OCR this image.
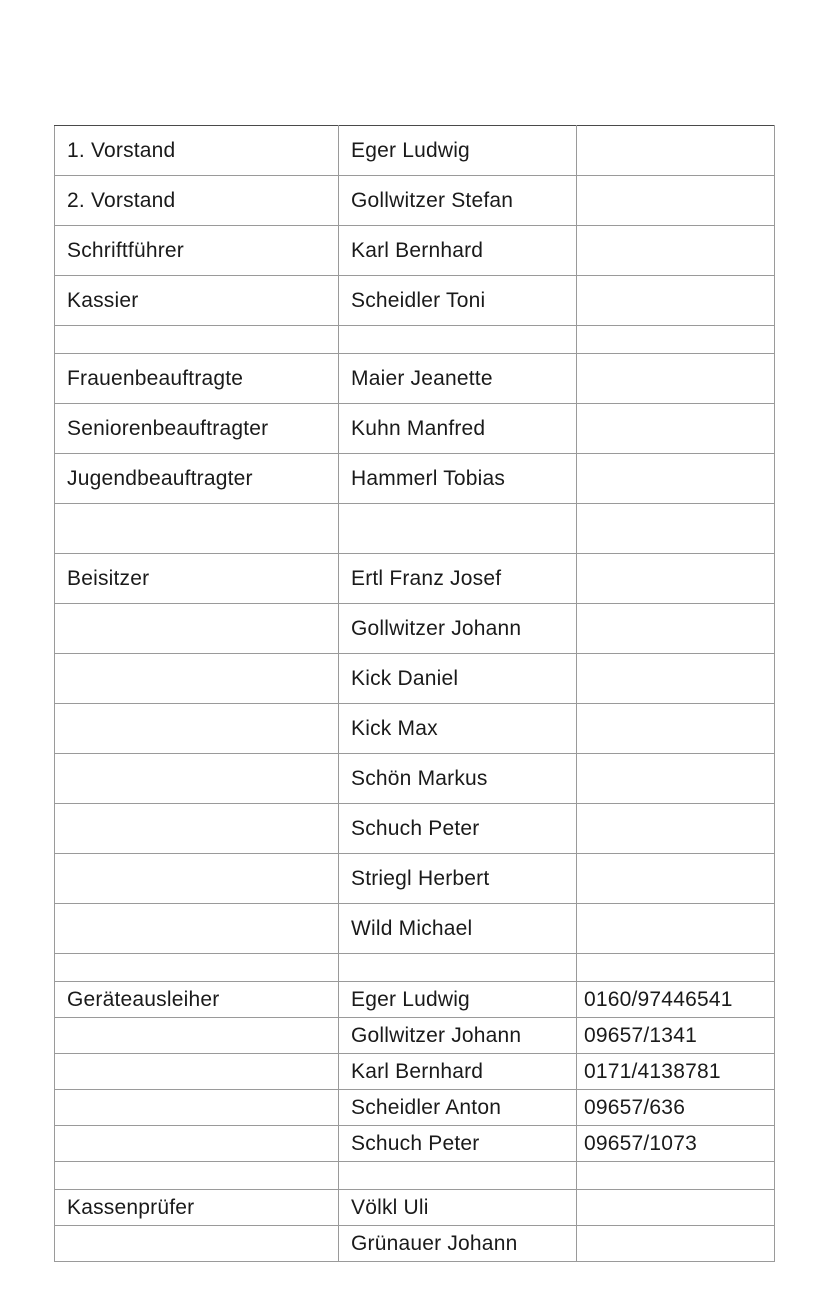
1. Vorstand	Eger Ludwig	
2. Vorstand	Gollwitzer Stefan	
Schriftführer	Karl Bernhard	
Kassier	Scheidler Toni	

Frauenbeauftragte	Maier Jeanette	
Seniorenbeauftragter	Kuhn Manfred	
Jugendbeauftragter	Hammerl Tobias	

Beisitzer	Ertl Franz Josef	
	Gollwitzer Johann	
	Kick Daniel	
	Kick Max	
	Schön Markus	
	Schuch Peter	
	Striegl Herbert	
	Wild Michael	

Geräteausleiher	Eger Ludwig	0160/97446541
	Gollwitzer Johann	09657/1341
	Karl Bernhard	0171/4138781
	Scheidler Anton	09657/636
	Schuch Peter	09657/1073

Kassenprüfer	Völkl Uli	
	Grünauer Johann	
